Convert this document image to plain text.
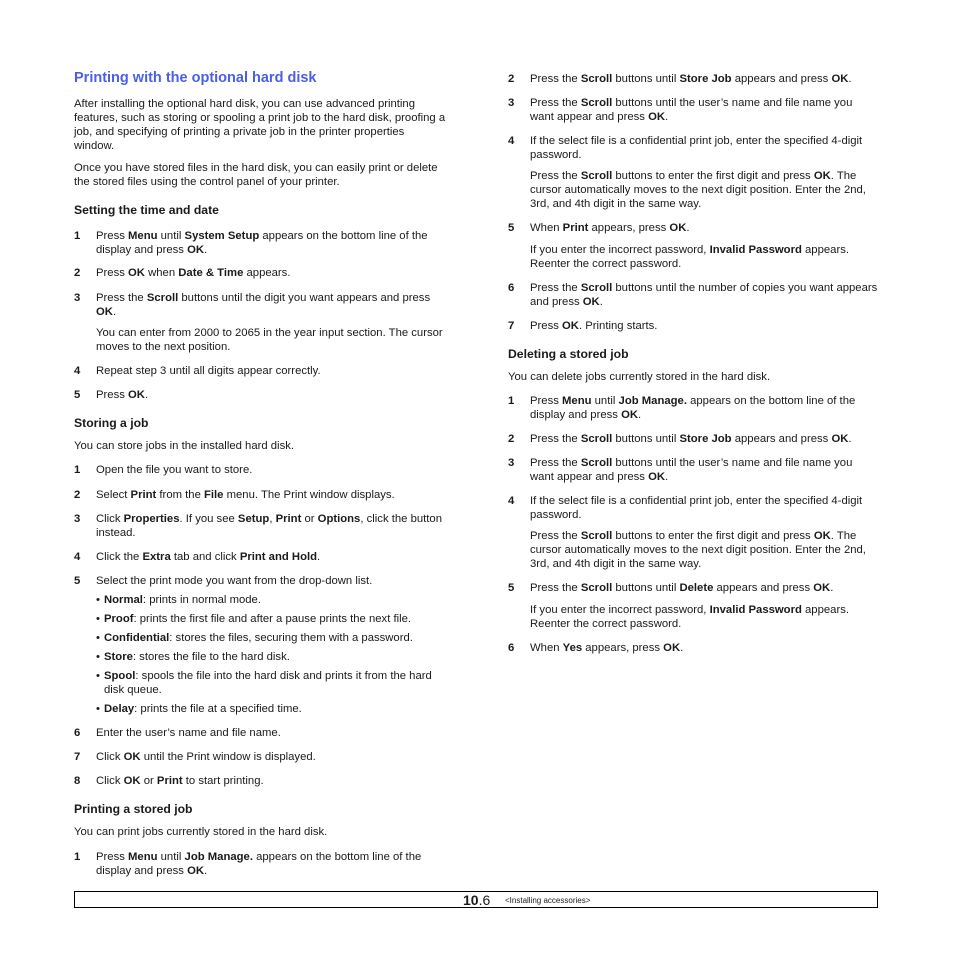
Printing with the optional hard disk

After installing the optional hard disk, you can use advanced printing features, such as storing or spooling a print job to the hard disk, proofing a job, and specifying of printing a private job in the printer properties window.

Once you have stored files in the hard disk, you can easily print or delete the stored files using the control panel of your printer.

Setting the time and date
1	Press Menu until System Setup appears on the bottom line of the display and press OK.

2	Press OK when Date & Time appears.

3	Press the Scroll buttons until the digit you want appears and press OK.

You can enter from 2000 to 2065 in the year input section. The cursor moves to the next position.

4	Repeat step 3 until all digits appear correctly.

5	Press OK.

Storing a job

You can store jobs in the installed hard disk.

1	Open the file you want to store.

2	Select Print from the File menu. The Print window displays.

3	Click Properties. If you see Setup, Print or Options, click the button instead.

4	Click the Extra tab and click Print and Hold.

5	Select the print mode you want from the drop-down list.

• Normal: prints in normal mode.

• Proof: prints the first file and after a pause prints the next file.

• Confidential: stores the files, securing them with a password.

• Store: stores the file to the hard disk.

• Spool: spools the file into the hard disk and prints it from the hard disk queue.

• Delay: prints the file at a specified time.

6	Enter the user’s name and file name.

7	Click OK until the Print window is displayed.

8	Click OK or Print to start printing.

Printing a stored job

You can print jobs currently stored in the hard disk.

1	Press Menu until Job Manage. appears on the bottom line of the display and press OK.

2	Press the Scroll buttons until Store Job appears and press OK.

3	Press the Scroll buttons until the user’s name and file name you want appear and press OK.

4	If the select file is a confidential print job, enter the specified 4-digit password.

Press the Scroll buttons to enter the first digit and press OK. The cursor automatically moves to the next digit position. Enter the 2nd, 3rd, and 4th digit in the same way.

5	When Print appears, press OK.

If you enter the incorrect password, Invalid Password appears. Reenter the correct password.

6	Press the Scroll buttons until the number of copies you want appears and press OK.

7	Press OK. Printing starts.

Deleting a stored job

You can delete jobs currently stored in the hard disk.

1	Press Menu until Job Manage. appears on the bottom line of the display and press OK.

2	Press the Scroll buttons until Store Job appears and press OK.

3	Press the Scroll buttons until the user’s name and file name you want appear and press OK.

4	If the select file is a confidential print job, enter the specified 4-digit password.

Press the Scroll buttons to enter the first digit and press OK. The cursor automatically moves to the next digit position. Enter the 2nd, 3rd, and 4th digit in the same way.

5	Press the Scroll buttons until Delete appears and press OK.

If you enter the incorrect password, Invalid Password appears. Reenter the correct password.

6	When Yes appears, press OK.

10.6 <Installing accessories>
